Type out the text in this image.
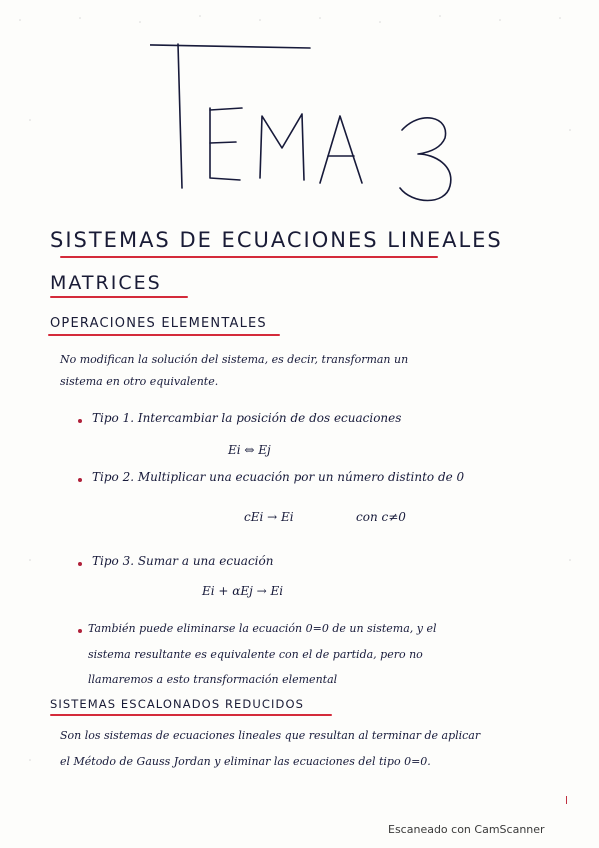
SISTEMAS DE ECUACIONES LINEALES
MATRICES
OPERACIONES ELEMENTALES
No modifican la solución del sistema, es decir, transforman un
sistema en otro equivalente.
Tipo 1. Intercambiar la posición de dos ecuaciones
Ei ⇔ Ej
Tipo 2. Multiplicar una ecuación por un número distinto de 0
cEi → Ei	con c≠0
Tipo 3. Sumar a una ecuación
Ei + αEj → Ei
También puede eliminarse la ecuación 0=0 de un sistema, y el
sistema resultante es equivalente con el de partida, pero no
llamaremos a esto transformación elemental
SISTEMAS ESCALONADOS REDUCIDOS
Son los sistemas de ecuaciones lineales que resultan al terminar de aplicar
el Método de Gauss Jordan y eliminar las ecuaciones del tipo 0=0.
Escaneado con CamScanner
